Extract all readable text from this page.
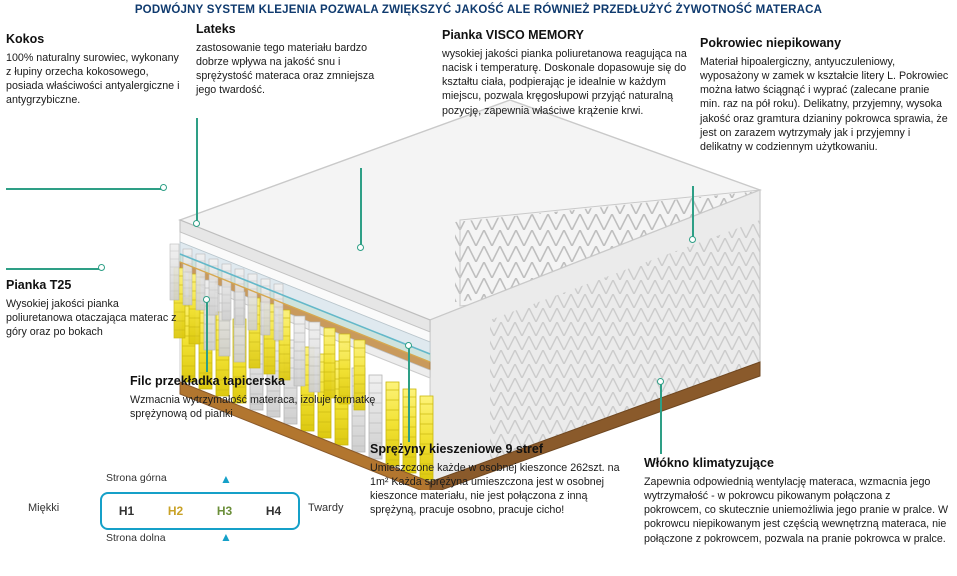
PODWÓJNY SYSTEM KLEJENIA POZWALA ZWIĘKSZYĆ JAKOŚĆ ALE RÓWNIEŻ PRZEDŁUŻYĆ ŻYWOTNOŚĆ MATERACA
Kokos
100% naturalny surowiec, wykonany z łupiny orzecha kokosowego, posiada właściwości antyalergiczne i antygrzybiczne.
Lateks
zastosowanie tego materiału bardzo dobrze wpływa na jakość snu i sprężystość materaca oraz zmniejsza jego twardość.
Pianka VISCO MEMORY
wysokiej jakości pianka poliuretanowa reagująca na nacisk i temperaturę. Doskonale dopasowuje się do kształtu ciała, podpierając je idealnie w każdym miejscu, pozwala kręgosłupowi przyjąć naturalną pozycję, zapewnia właściwe krążenie krwi.
Pokrowiec niepikowany
Materiał hipoalergiczny, antyuczuleniowy, wyposażony w zamek w kształcie litery L. Pokrowiec można łatwo ściągnąć i wyprać (zalecane pranie min. raz na pół roku). Delikatny, przyjemny, wysoka jakość oraz gramtura dzianiny pokrowca sprawia, że jest on zarazem wytrzymały jak i przyjemny i delikatny w codziennym użytkowaniu.
Pianka T25
Wysokiej jakości pianka poliuretanowa otaczająca materac z góry oraz po bokach
Filc przekładka tapicerska
Wzmacnia wytrzymałość materaca, izoluje formatkę sprężynową od pianki
Sprężyny kieszeniowe 9 stref
Umieszczone każde w osobnej kieszonce 262szt. na 1m² Każda sprężyna umieszczona jest w osobnej kieszonce materiału, nie jest połączona z inną sprężyną, pracuje osobno, pracuje cicho!
Włókno klimatyzujące
Zapewnia odpowiednią wentylację materaca, wzmacnia jego wytrzymałość - w pokrowcu pikowanym połączona z pokrowcem, co skutecznie uniemożliwia jego pranie w pralce. W pokrowcu niepikowanym jest częścią wewnętrzną materaca, nie połączone z pokrowcem, pozwala na pranie pokrowca w pralce.
Strona górna	▲
Miękki	H1	H2	H3	H4	Twardy
▲
Strona dolna
